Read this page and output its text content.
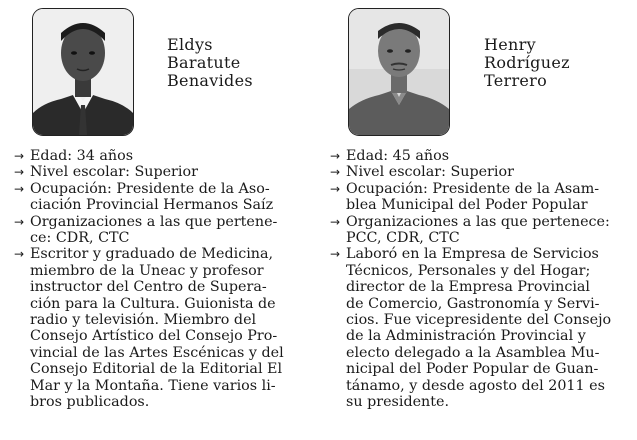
Eldys
Baratute
Benavides
→ Edad: 34 años
→ Nivel escolar: Superior
→ Ocupación: Presidente de la Aso-
ciación Provincial Hermanos Saíz
→ Organizaciones a las que pertene-
ce: CDR, CTC
→ Escritor y graduado de Medicina,
miembro de la Uneac y profesor
instructor del Centro de Supera-
ción para la Cultura. Guionista de
radio y televisión. Miembro del
Consejo Artístico del Consejo Pro-
vincial de las Artes Escénicas y del
Consejo Editorial de la Editorial El
Mar y la Montaña. Tiene varios li-
bros publicados.
Henry
Rodríguez
Terrero
→ Edad: 45 años
→ Nivel escolar: Superior
→ Ocupación: Presidente de la Asam-
blea Municipal del Poder Popular
→ Organizaciones a las que pertenece:
PCC, CDR, CTC
→ Laboró en la Empresa de Servicios
Técnicos, Personales y del Hogar;
director de la Empresa Provincial
de Comercio, Gastronomía y Servi-
cios. Fue vicepresidente del Consejo
de la Administración Provincial y
electo delegado a la Asamblea Mu-
nicipal del Poder Popular de Guan-
tánamo, y desde agosto del 2011 es
su presidente.
